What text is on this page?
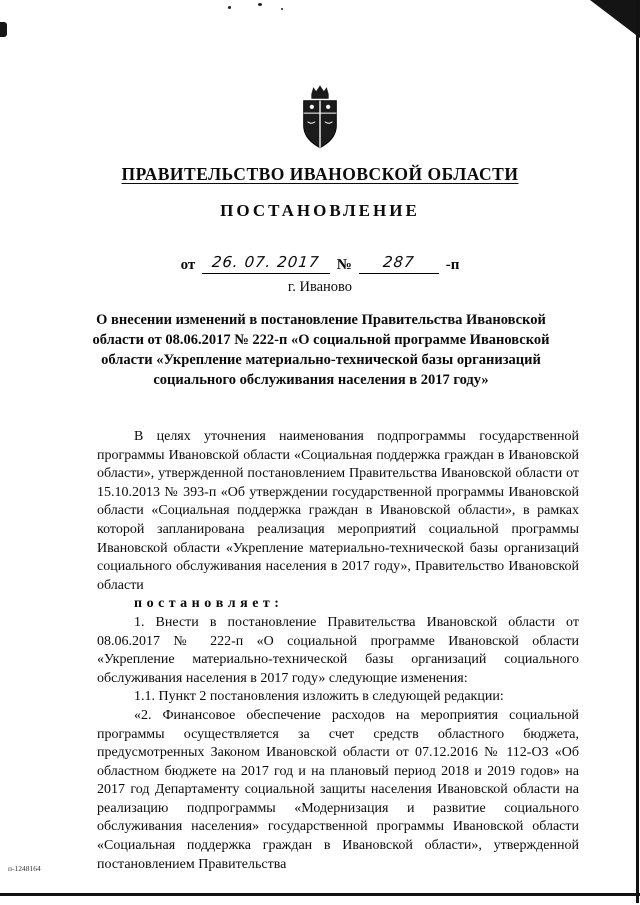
ПРАВИТЕЛЬСТВО ИВАНОВСКОЙ ОБЛАСТИ
ПОСТАНОВЛЕНИЕ
от	26. 07. 2017	№	287	-п
г. Иваново
О внесении изменений в постановление Правительства Ивановской области от 08.06.2017 № 222-п «О социальной программе Ивановской области «Укрепление материально-технической базы организаций социального обслуживания населения в 2017 году»

В целях уточнения наименования подпрограммы государственной программы Ивановской области «Социальная поддержка граждан в Ивановской области», утвержденной постановлением Правительства Ивановской области от 15.10.2013 № 393-п «Об утверждении государственной программы Ивановской области «Социальная поддержка граждан в Ивановской области», в рамках которой запланирована реализация мероприятий социальной программы Ивановской области «Укрепление материально-технической базы организаций социального обслуживания населения в 2017 году», Правительство Ивановской области

п о с т а н о в л я е т :

1. Внести в постановление Правительства Ивановской области от 08.06.2017 № 222-п «О социальной программе Ивановской области «Укрепление материально-технической базы организаций социального обслуживания населения в 2017 году» следующие изменения:

1.1. Пункт 2 постановления изложить в следующей редакции:

«2. Финансовое обеспечение расходов на мероприятия социальной программы осуществляется за счет средств областного бюджета, предусмотренных Законом Ивановской области от 07.12.2016 № 112-ОЗ «Об областном бюджете на 2017 год и на плановый период 2018 и 2019 годов» на 2017 год Департаменту социальной защиты населения Ивановской области на реализацию подпрограммы «Модернизация и развитие социального обслуживания населения» государственной программы Ивановской области «Социальная поддержка граждан в Ивановской области», утвержденной постановлением Правительства

п-1248164
